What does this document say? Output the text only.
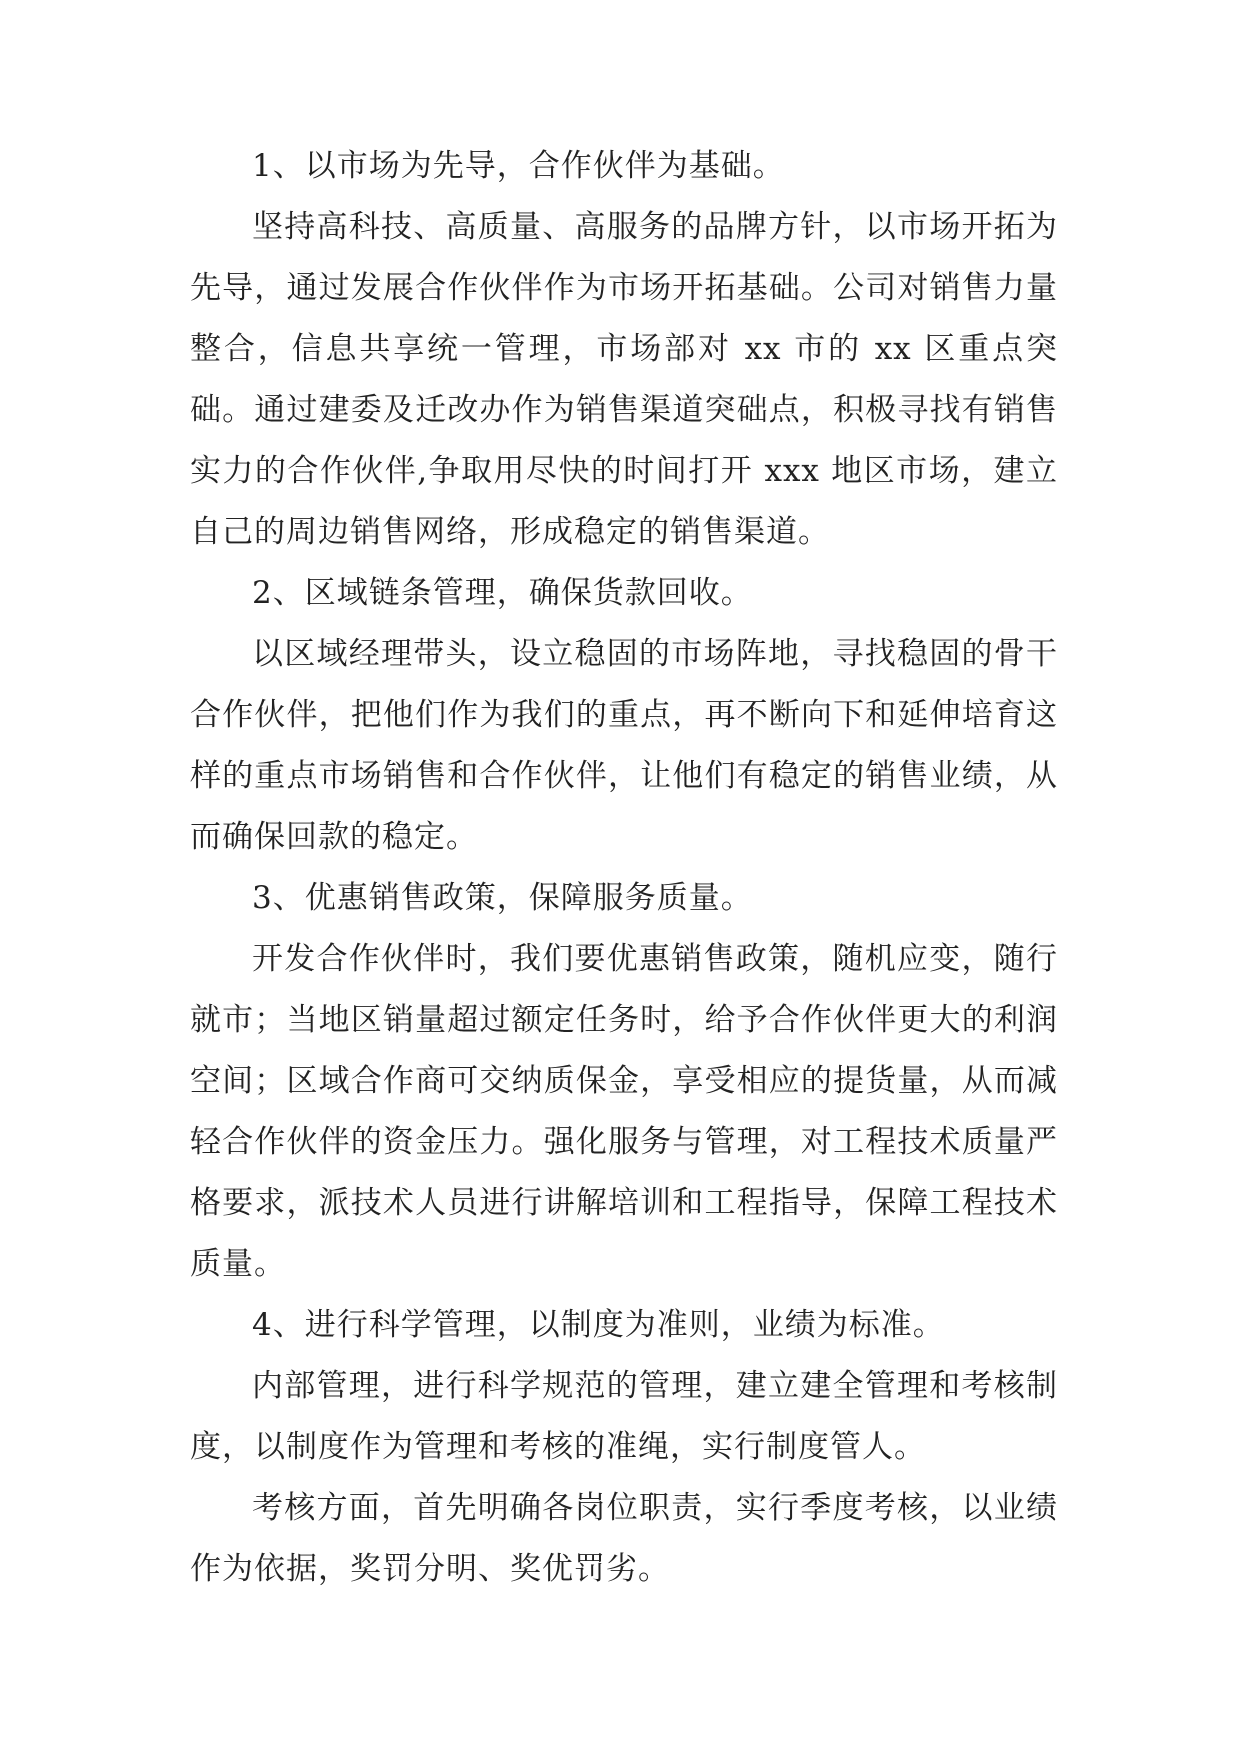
1、以市场为先导，合作伙伴为基础。

坚持高科技、高质量、高服务的品牌方针，以市场开拓为先导，通过发展合作伙伴作为市场开拓基础。公司对销售力量整合，信息共享统一管理，市场部对 xx 市的 xx 区重点突础。通过建委及迁改办作为销售渠道突础点，积极寻找有销售实力的合作伙伴,争取用尽快的时间打开 xxx 地区市场，建立自己的周边销售网络，形成稳定的销售渠道。

2、区域链条管理，确保货款回收。

以区域经理带头，设立稳固的市场阵地，寻找稳固的骨干合作伙伴，把他们作为我们的重点，再不断向下和延伸培育这样的重点市场销售和合作伙伴，让他们有稳定的销售业绩，从而确保回款的稳定。

3、优惠销售政策，保障服务质量。

开发合作伙伴时，我们要优惠销售政策，随机应变，随行就市；当地区销量超过额定任务时，给予合作伙伴更大的利润空间；区域合作商可交纳质保金，享受相应的提货量，从而减轻合作伙伴的资金压力。强化服务与管理，对工程技术质量严格要求，派技术人员进行讲解培训和工程指导，保障工程技术质量。

4、进行科学管理，以制度为准则，业绩为标准。

内部管理，进行科学规范的管理，建立建全管理和考核制度，以制度作为管理和考核的准绳，实行制度管人。

考核方面，首先明确各岗位职责，实行季度考核，以业绩作为依据，奖罚分明、奖优罚劣。
